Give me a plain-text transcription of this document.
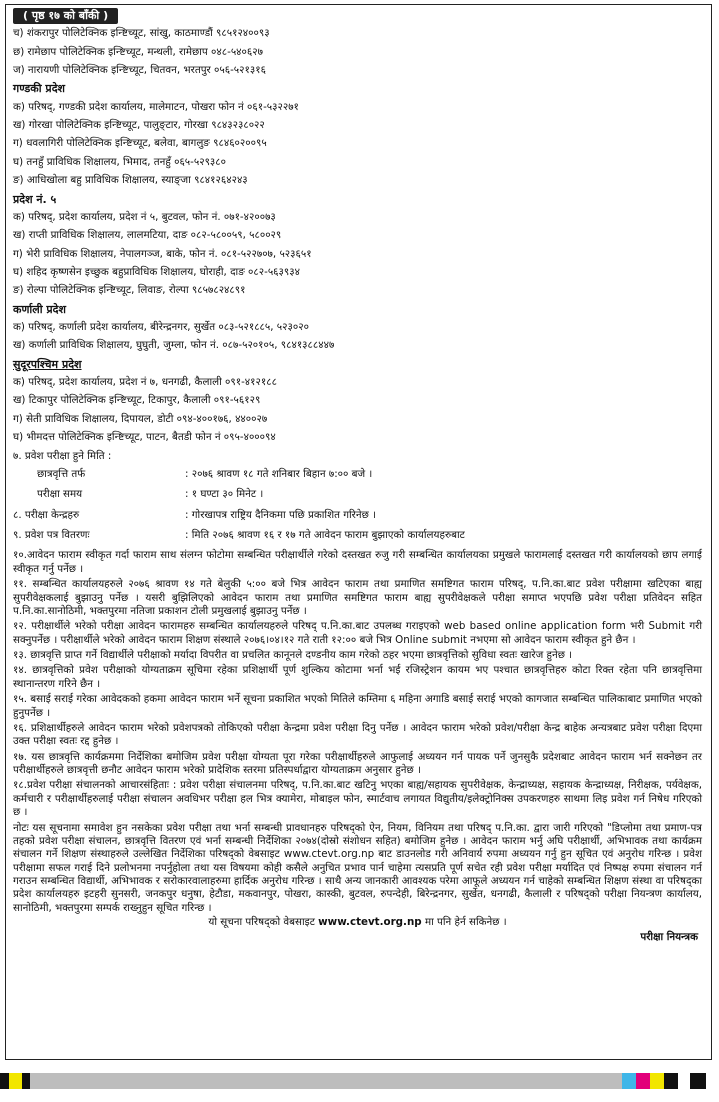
( पृष्ठ १७ को बाँकी )
च) शंकरापुर पोलिटेक्निक इन्ष्टिच्यूट, सांखु, काठमाण्डौं ९८५१२४००९३
छ) रामेछाप पोलिटेक्निक इन्ष्टिच्यूट, मन्थली, रामेछाप ०४८-५४०६२७
ज) नारायणी पोलिटेक्निक इन्ष्टिच्यूट, चितवन, भरतपुर ०५६-५२१३१६
गण्डकी प्रदेश
क) परिषद्, गण्डकी प्रदेश कार्यालय, मालेमाटन, पोखरा फोन नं ०६१-५३२२७१
ख) गोरखा पोलिटेक्निक इन्ष्टिच्यूट, पालुङ्टार, गोरखा ९८४३२३८०२२
ग) धवलागिरी पोलिटेक्निक इन्ष्टिच्यूट, बलेवा, बागलुङ ९८४६०२००९५
घ) तनहुँ प्राविधिक शिक्षालय, भिमाद, तनहुँ ०६५-५२९३८०
ङ) आधिखोला बहु प्राविधिक शिक्षालय, स्याङ्जा ९८४१२६४२४३
प्रदेश नं. ५
क) परिषद्, प्रदेश कार्यालय, प्रदेश नं ५, बुटवल, फोन नं. ०७१-४२००७३
ख) राप्ती प्राविधिक शिक्षालय, लालमटिया, दाङ ०८२-५८००५९, ५८००२९
ग) भेरी प्राविधिक शिक्षालय, नेपालगञ्ज, बाके, फोन नं. ०८१-५२२७०७, ५२३६५१
घ) शहिद कृष्णसेन इच्छुक बहुप्राविधिक शिक्षालय, घोराही, दाङ ०८२-५६३९३४
ङ) रोल्पा पोलिटेक्निक इन्ष्टिच्यूट, लिवाङ, रोल्पा ९८५७८२४८९१
कर्णाली प्रदेश
क) परिषद्, कर्णाली प्रदेश कार्यालय, बीरेन्द्रनगर, सुर्खेत ०८३-५२१८८५, ५२३०२०
ख) कर्णाली प्राविधिक शिक्षालय, घुघुती, जुम्ला, फोन नं. ०८७-५२०१०५, ९८४१३८८४४७
सुदूरपश्चिम प्रदेश
क) परिषद्, प्रदेश कार्यालय, प्रदेश नं ७, धनगढी, कैलाली ०९१-४१२१८८
ख) टिकापुर पोलिटेक्निक इन्ष्टिच्यूट, टिकापुर, कैलाली ०९१-५६१२९
ग) सेती प्राविधिक शिक्षालय, दिपायल, डोटी ०९४-४००१७६, ४४००२७
घ) भीमदत्त पोलिटेक्निक इन्ष्टिच्यूट, पाटन, बैतडी फोन नं ०९५-४०००९४
७. प्रवेश परीक्षा हुने मिति :
छात्रवृत्ति तर्फ	: २०७६ श्रावण १८ गते शनिबार बिहान ७:०० बजे ।
परीक्षा समय	: १ घण्टा ३० मिनेट ।
८. परीक्षा केन्द्रहरु	: गोरखापत्र राष्ट्रिय दैनिकमा पछि प्रकाशित गरिनेछ ।
९. प्रवेश पत्र वितरणः	: मिति २०७६ श्रावण १६ र १७ गते आवेदन फाराम बुझाएको कार्यालयहरुबाट

१०.आवेदन फाराम स्वीकृत गर्दा फाराम साथ संलग्न फोटोमा सम्बन्धित परीक्षार्थीले गरेको दस्तखत रुजु गरी सम्बन्धित कार्यालयका प्रमुखले फारामलाई दस्तखत गरी कार्यालयको छाप लगाई स्वीकृत गर्नु पर्नेछ ।

११. सम्बन्धित कार्यालयहरुले २०७६ श्रावण १४ गते बेलुकी ५:०० बजे भित्र आवेदन फाराम तथा प्रमाणित समष्टिगत फाराम परिषद्, प.नि.का.बाट प्रवेश परीक्षामा खटिएका बाह्य सुपरीवेक्षकलाई बुझाउनु पर्नेछ । यसरी बुझिलिएको आवेदन फाराम तथा प्रमाणित समष्टिगत फाराम बाह्य सुपरीवेक्षकले परीक्षा समाप्त भएपछि प्रवेश परीक्षा प्रतिवेदन सहित प.नि.का.सानोठिमी, भक्तपुरमा नतिजा प्रकाशन टोली प्रमुखलाई बुझाउनु पर्नेछ ।

१२. परीक्षार्थीले भरेको परीक्षा आवेदन फारामहरु सम्बन्धित कार्यालयहरुले परिषद् प.नि.का.बाट उपलब्ध गराइएको web based online application form भरी Submit गरी सक्नुपर्नेछ । परीक्षार्थीले भरेको आवेदन फाराम शिक्षण संस्थाले २०७६।०४।१२ गते राती १२:०० बजे भित्र Online submit नभएमा सो आवेदन फाराम स्वीकृत हुने छैन ।

१३. छात्रवृत्ति प्राप्त गर्ने विद्यार्थीले परीक्षाको मर्यादा विपरीत वा प्रचलित कानूनले दण्डनीय काम गरेको ठहर भएमा छात्रवृत्तिको सुविधा स्वतः खारेज हुनेछ ।

१४. छात्रवृत्तिको प्रवेश परीक्षाको योग्यताक्रम सूचिमा रहेका प्रशिक्षार्थी पूर्ण शुल्किय कोटामा भर्ना भई रजिस्ट्रेशन कायम भए पश्चात छात्रवृत्तिहरु कोटा रिक्त रहेता पनि छात्रवृत्तिमा स्थानान्तरण गरिने छैन ।

१५. बसाई सराई गरेका आवेदकको हकमा आवेदन फाराम भर्ने सूचना प्रकाशित भएको मितिले कम्तिमा ६ महिना अगाडि बसाई सराई भएको कागजात सम्बन्धित पालिकाबाट प्रमाणित भएको हुनुपर्नेछ ।

१६. प्रशिक्षार्थीहरुले आवेदन फाराम भरेको प्रवेशपत्रको तोकिएको परीक्षा केन्द्रमा प्रवेश परीक्षा दिनु पर्नेछ । आवेदन फाराम भरेको प्रवेश/परीक्षा केन्द्र बाहेक अन्यत्रबाट प्रवेश परीक्षा दिएमा उक्त परीक्षा स्वतः रद्द हुनेछ ।

१७. यस छात्रवृत्ति कार्यक्रममा निर्देशिका बमोजिम प्रवेश परीक्षा योग्यता पूरा गरेका परीक्षार्थीहरुले आफुलाई अध्ययन गर्न पायक पर्ने जुनसुकै प्रदेशबाट आवेदन फाराम भर्न सक्नेछन तर परीक्षार्थीहरुले छात्रवृत्ती छनौट आवेदन फाराम भरेको प्रादेशिक स्तरमा प्रतिस्पर्धाद्वारा योग्यताक्रम अनुसार हुनेछ ।

१८.प्रवेश परीक्षा संचालनको आचारसंहिताः : प्रवेश परीक्षा संचालनमा परिषद्, प.नि.का.बाट खटिनु भएका बाह्य/सहायक सुपरीवेक्षक, केन्द्राध्यक्ष, सहायक केन्द्राध्यक्ष, निरीक्षक, पर्यवेक्षक, कर्मचारी र परीक्षार्थीहरुलाई परीक्षा संचालन अवधिभर परीक्षा हल भित्र क्यामेरा, मोबाइल फोन, स्मार्टवाच लगायत विद्युतीय/इलेक्ट्रोनिक्स उपकरणहरु साथमा लिइ प्रवेश गर्न निषेध गरिएको छ ।

नोटः यस सूचनामा समावेश हुन नसकेका प्रवेश परीक्षा तथा भर्ना सम्बन्धी प्रावधानहरु परिषद्को ऐन, नियम, विनियम तथा परिषद् प.नि.का. द्वारा जारी गरिएको "डिप्लोमा तथा प्रमाण-पत्र तहको प्रवेश परीक्षा संचालन, छात्रवृत्ति वितरण एवं भर्ना सम्बन्धी निर्देशिका २०७४(दोस्रो संशोधन सहित) बमोजिम हुनेछ । आवेदन फाराम भर्नु अघि परीक्षार्थी, अभिभावक तथा कार्यक्रम संचालन गर्ने शिक्षण संस्थाहरुले उल्लेखित निर्देशिका परिषद्को वेबसाइट www.ctevt.org.np बाट डाउनलोड गरी अनिवार्य रुपमा अध्ययन गर्नु हुन सूचित एवं अनुरोध गरिन्छ । प्रवेश परीक्षामा सफल गराई दिने प्रलोभनमा नपर्नुहोला तथा यस विषयमा कोही कसैले अनुचित प्रभाव पार्न चाहेमा त्यसप्रति पूर्ण सचेत रही प्रवेश परीक्षा मर्यादित एवं निष्पक्ष रुपमा संचालन गर्न गराउन सम्बन्धित विद्यार्थी, अभिभावक र सरोकारवालाहरुमा हार्दिक अनुरोध गरिन्छ । साथै अन्य जानकारी आवश्यक परेमा आफूले अध्ययन गर्न चाहेको सम्बन्धित शिक्षण संस्था वा परिषद्का प्रदेश कार्यालयहरु इटहरी सुनसरी, जनकपुर धनुषा, हेटौडा, मकवानपुर, पोखरा, कास्की, बुटवल, रुपन्देही, बिरेन्द्रनगर, सुर्खेत, धनगढी, कैलाली र परिषद्को परीक्षा नियन्त्रण कार्यालय, सानोठिमी, भक्तपुरमा सम्पर्क राख्नुहुन सूचित गरिन्छ ।

यो सूचना परिषद्को वेबसाइट www.ctevt.org.np मा पनि हेर्न सकिनेछ ।
परीक्षा नियन्त्रक
